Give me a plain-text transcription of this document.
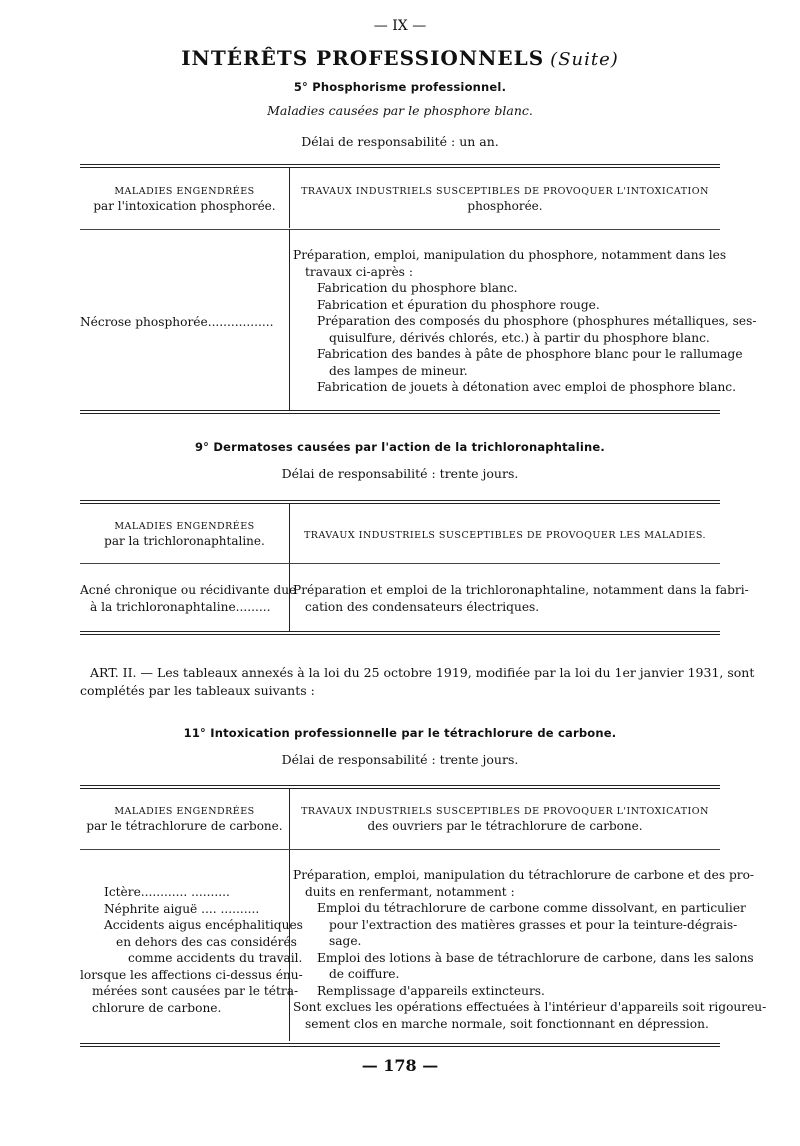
— IX —
INTÉRÊTS PROFESSIONNELS (Suite)
5° Phosphorisme professionnel.
Maladies causées par le phosphore blanc.
Délai de responsabilité : un an.
MALADIES ENGENDRÉES
par l'intoxication phosphorée.
TRAVAUX INDUSTRIELS SUSCEPTIBLES DE PROVOQUER L'INTOXICATION
phosphorée.
Nécrose phosphorée.................
Préparation, emploi, manipulation du phosphore, notamment dans les
travaux ci-après :
Fabrication du phosphore blanc.
Fabrication et épuration du phosphore rouge.
Préparation des composés du phosphore (phosphures métalliques, ses-
quisulfure, dérivés chlorés, etc.) à partir du phosphore blanc.
Fabrication des bandes à pâte de phosphore blanc pour le rallumage
des lampes de mineur.
Fabrication de jouets à détonation avec emploi de phosphore blanc.
9° Dermatoses causées par l'action de la trichloronaphtaline.
Délai de responsabilité : trente jours.
MALADIES ENGENDRÉES
par la trichloronaphtaline.	TRAVAUX INDUSTRIELS SUSCEPTIBLES DE PROVOQUER LES MALADIES.
Acné chronique ou récidivante due
à la trichloronaphtaline.........
Préparation et emploi de la trichloronaphtaline, notamment dans la fabri-
cation des condensateurs électriques.
ART. II. — Les tableaux annexés à la loi du 25 octobre 1919, modifiée par la loi du 1er janvier 1931, sont
complétés par les tableaux suivants :
11° Intoxication professionnelle par le tétrachlorure de carbone.
Délai de responsabilité : trente jours.
MALADIES ENGENDRÉES
par le tétrachlorure de carbone.
TRAVAUX INDUSTRIELS SUSCEPTIBLES DE PROVOQUER L'INTOXICATION
des ouvriers par le tétrachlorure de carbone.
Ictère............ ..........
Néphrite aiguë .... ..........
Accidents aigus encéphalitiques
en dehors des cas considérés
comme accidents du travail.
lorsque les affections ci-dessus énu-
mérées sont causées par le tétra-
chlorure de carbone.
Préparation, emploi, manipulation du tétrachlorure de carbone et des pro-
duits en renfermant, notamment :
Emploi du tétrachlorure de carbone comme dissolvant, en particulier
pour l'extraction des matières grasses et pour la teinture-dégrais-
sage.
Emploi des lotions à base de tétrachlorure de carbone, dans les salons
de coiffure.
Remplissage d'appareils extincteurs.
Sont exclues les opérations effectuées à l'intérieur d'appareils soit rigoureu-
sement clos en marche normale, soit fonctionnant en dépression.
— 178 —
